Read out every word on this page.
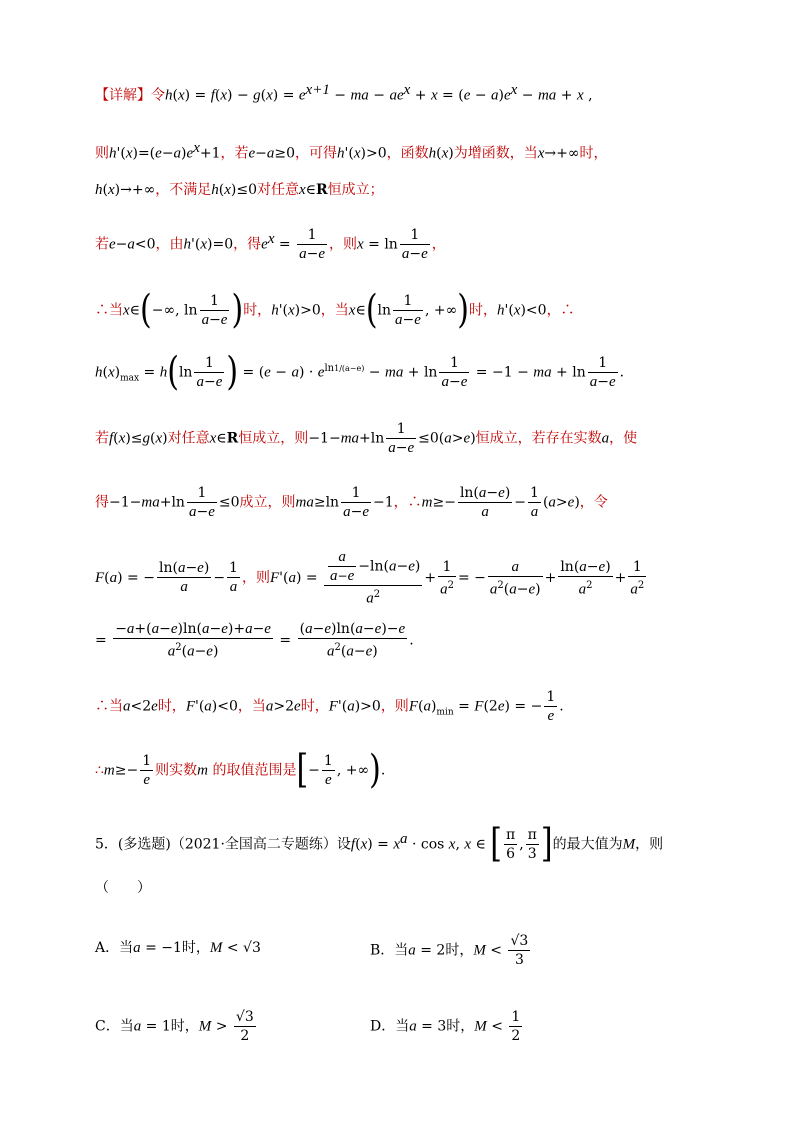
【详解】令$h(x) = f(x) - g(x) = e^{x+1}$ − ma − $ae^x + x = (e - a)e^x$ − ma + x ,
则$h'(x)=(e-a)e^x+1$，若e−a≥0，可得h'(x)>0，函数h(x)为增函数，当x→+∞时，
h(x)→+∞，不满足h(x)≤0对任意x∈R恒成立；
若e−a<0，由h'(x)=0，得$e^x = \frac{1}{a-e}$ ，则$x = \ln \frac{1}{a-e}$ ，
∴当x∈(−∞, $\ln \frac{1}{a-e}$ )时，h'(x)>0，当x∈(ln $\frac{1}{a-e}$ , +∞)时，h'(x)<0，∴
$h(x)_{max} = h(\ln \frac{1}{a-e}$ ) = $(e - a) \cdot e^{ln1/(a-e)}$ − ma + $\ln \frac{1}{a-e} = -1$ − ma + $\ln \frac{1}{a-e}$ .
若f(x)≤g(x)对任意x∈R恒成立，则$-1-ma+\ln \frac{1}{a-e} \le 0(a>e)$恒成立，若存在实数a，使
得$-1-ma+\ln \frac{1}{a-e} \le 0$成立，则$ma\ge\ln \frac{1}{a-e} -1$，∴m≥− $\frac{\ln(a-e)}{a} - \frac{1}{a} (a>e)$，令
F(a) = − $\frac{\ln(a-e)}{a} - \frac{1}{a}$ ，则$F'(a) = \frac{\frac{a}{a-e} -\ln(a-e)}{a^2} + \frac{1}{a^2}$ = − $\frac{a}{a^2(a-e)} + \frac{\ln(a-e)}{a^2} + \frac{1}{a^2}$
= $\frac{-a+(a-e)\ln(a-e)+a-e}{a^2(a-e)} = \frac{(a-e)\ln(a-e)-e}{a^2(a-e)}$ .
∴当a<2e时，F'(a)<0，当a>2e时，F'(a)>0，则$F(a)_{min} = F(2e)$ = − $\frac{1}{e}$ .
∴m≥− $\frac{1}{e}$ 则实数m 的取值范围是[− $\frac{1}{e}$ , +∞).
5．(多选题)（2021·全国高二专题练）设$f(x) = x^a \cdot \cos x$, x ∈ [ $\frac{\pi}{6}$ , $\frac{\pi}{3}$ ]的最大值为M，则
（　　）
A．当a = −1时，M < √3	B．当a = 2时，$M < \frac{√3}{3}$
C．当a = 1时，$M > \frac{√3}{2}$	D．当a = 3时，$M < \frac{1}{2}$
